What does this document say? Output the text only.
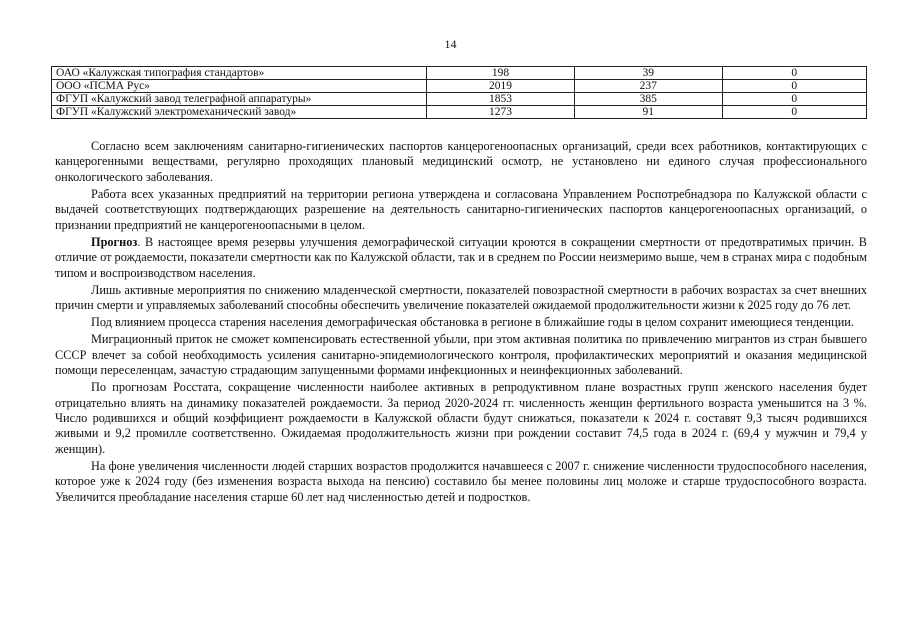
14
ОАО «Калужская типография стандартов»	198	39	0
ООО «ПСМА Рус»	2019	237	0
ФГУП «Калужский завод телеграфной аппаратуры»	1853	385	0
ФГУП «Калужский электромеханический завод»	1273	91	0

Согласно всем заключениям санитарно-гигиенических паспортов канцерогеноопасных организаций, среди всех работников, контактирующих с канцерогенными веществами, регулярно проходящих плановый медицинский осмотр, не установлено ни единого случая профессионального онкологического заболевания.

Работа всех указанных предприятий на территории региона утверждена и согласована Управлением Роспотребнадзора по Калужской области с выдачей соответствующих подтверждающих разрешение на деятельность санитарно-гигиенических паспортов канцерогеноопасных организаций, о признании предприятий не канцерогеноопасными в целом.

Прогноз. В настоящее время резервы улучшения демографической ситуации кроются в сокращении смертности от предотвратимых причин. В отличие от рождаемости, показатели смертности как по Калужской области, так и в среднем по России неизмеримо выше, чем в странах мира с подобным типом и воспроизводством населения.

Лишь активные мероприятия по снижению младенческой смертности, показателей повозрастной смертности в рабочих возрастах за счет внешних причин смерти и управляемых заболеваний способны обеспечить увеличение показателей ожидаемой продолжительности жизни к 2025 году до 76 лет.

Под влиянием процесса старения населения демографическая обстановка в регионе в ближайшие годы в целом сохранит имеющиеся тенденции.

Миграционный приток не сможет компенсировать естественной убыли, при этом активная политика по привлечению мигрантов из стран бывшего СССР влечет за собой необходимость усиления санитарно-эпидемиологического контроля, профилактических мероприятий и оказания медицинской помощи переселенцам, зачастую страдающим запущенными формами инфекционных и неинфекционных заболеваний.

По прогнозам Росстата, сокращение численности наиболее активных в репродуктивном плане возрастных групп женского населения будет отрицательно влиять на динамику показателей рождаемости. За период 2020-2024 гг. численность женщин фертильного возраста уменьшится на 3 %. Число родившихся и общий коэффициент рождаемости в Калужской области будут снижаться, показатели к 2024 г. составят 9,3 тысяч родившихся живыми и 9,2 промилле соответственно. Ожидаемая продолжительность жизни при рождении составит 74,5 года в 2024 г. (69,4 у мужчин и 79,4 у женщин).

На фоне увеличения численности людей старших возрастов продолжится начавшееся с 2007 г. снижение численности трудоспособного населения, которое уже к 2024 году (без изменения возраста выхода на пенсию) составило бы менее половины лиц моложе и старше трудоспособного возраста. Увеличится преобладание населения старше 60 лет над численностью детей и подростков.
